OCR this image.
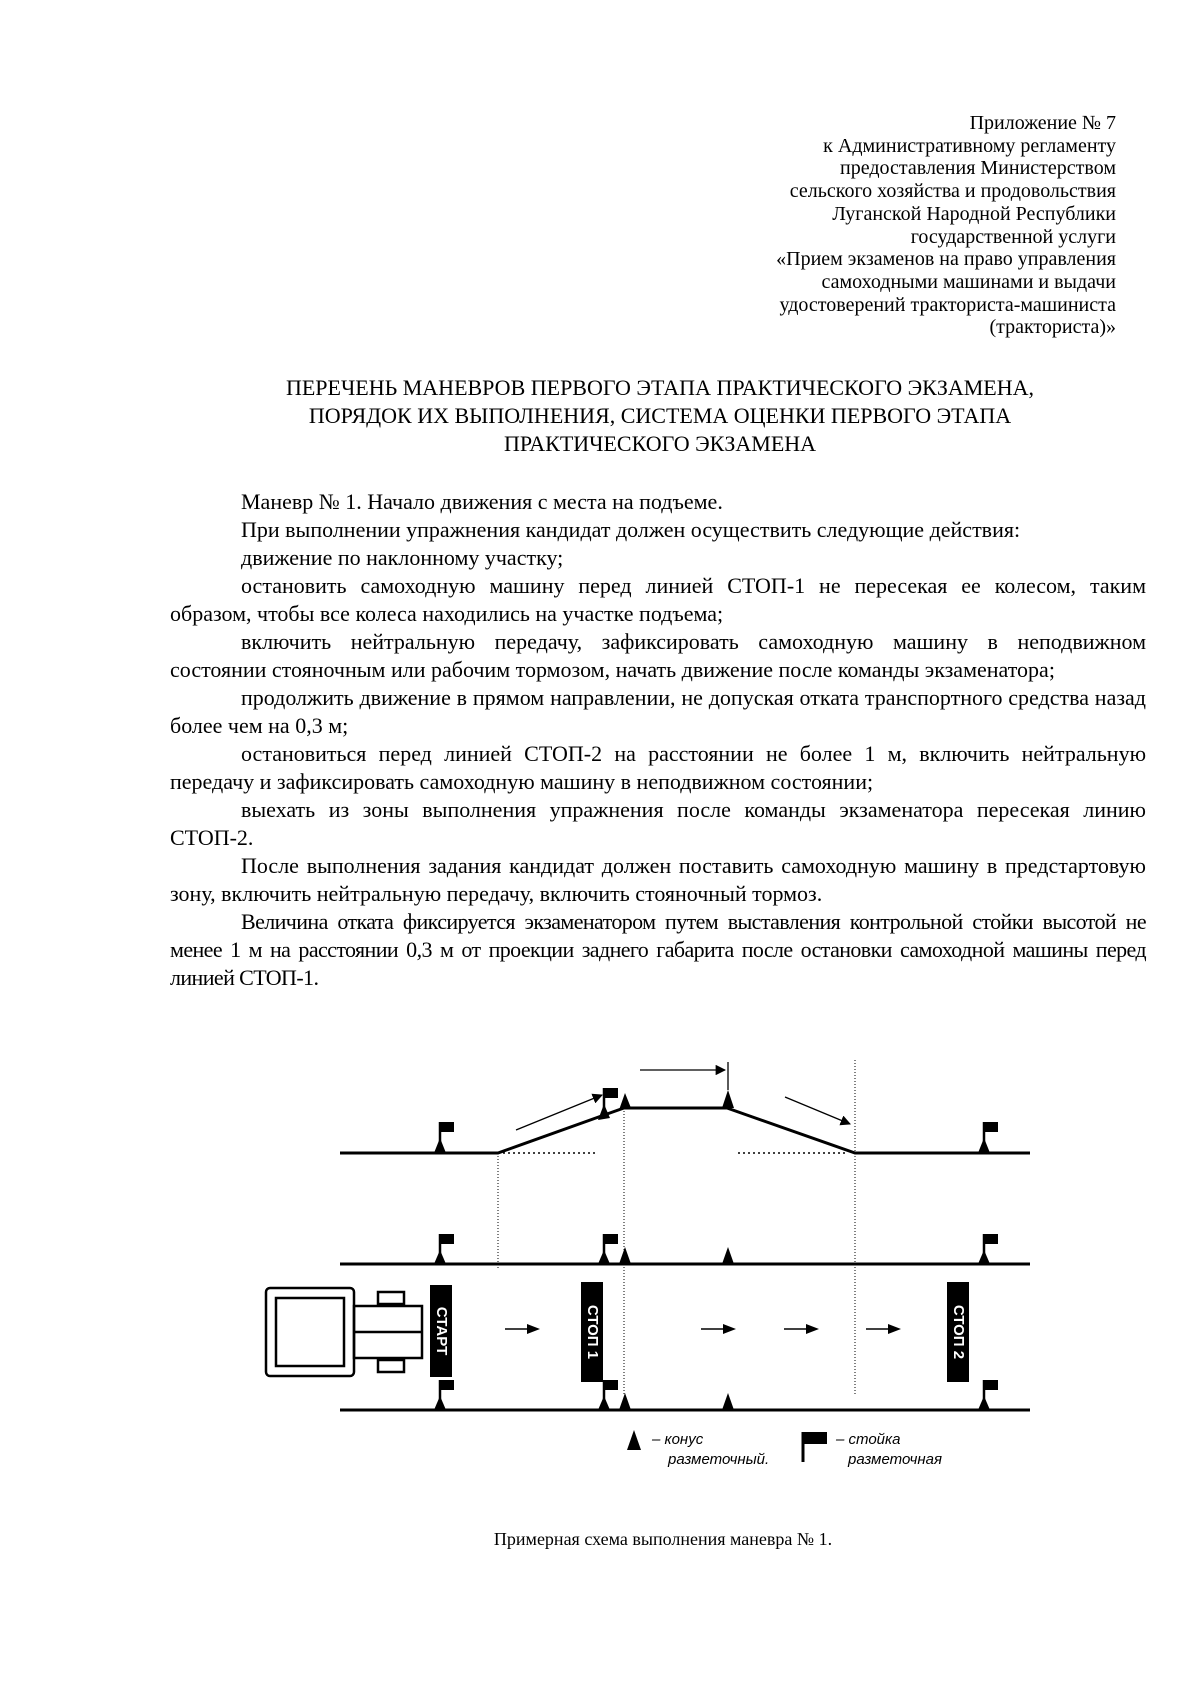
Приложение № 7
к Административному регламенту
предоставления Министерством
сельского хозяйства и продовольствия
Луганской Народной Республики
государственной услуги
«Прием экзаменов на право управления
самоходными машинами и выдачи
удостоверений тракториста-машиниста
(тракториста)»
ПЕРЕЧЕНЬ МАНЕВРОВ ПЕРВОГО ЭТАПА ПРАКТИЧЕСКОГО ЭКЗАМЕНА,
ПОРЯДОК ИХ ВЫПОЛНЕНИЯ, СИСТЕМА ОЦЕНКИ ПЕРВОГО ЭТАПА
ПРАКТИЧЕСКОГО ЭКЗАМЕНА

Маневр № 1. Начало движения с места на подъеме.

При выполнении упражнения кандидат должен осуществить следующие действия:

движение по наклонному участку;

остановить самоходную машину перед линией СТОП-1 не пересекая ее колесом, таким образом, чтобы все колеса находились на участке подъема;

включить нейтральную передачу, зафиксировать самоходную машину в неподвижном состоянии стояночным или рабочим тормозом, начать движение после команды экзаменатора;

продолжить движение в прямом направлении, не допуская отката транспортного средства назад более чем на 0,3 м;

остановиться перед линией СТОП-2 на расстоянии не более 1 м, включить нейтральную передачу и зафиксировать самоходную машину в неподвижном состоянии;

выехать из зоны выполнения упражнения после команды экзаменатора пересекая линию СТОП-2.

После выполнения задания кандидат должен поставить самоходную машину в предстартовую зону, включить нейтральную передачу, включить стояночный тормоз.

Величина отката фиксируется экзаменатором путем выставления контрольной стойки высотой не менее 1 м на расстоянии 0,3 м от проекции заднего габарита после остановки самоходной машины перед линией СТОП-1.

СТАРТ	СТОП 1	СТОП 2
– конус
разметочный.
– стойка
разметочная
Примерная схема выполнения маневра № 1.
